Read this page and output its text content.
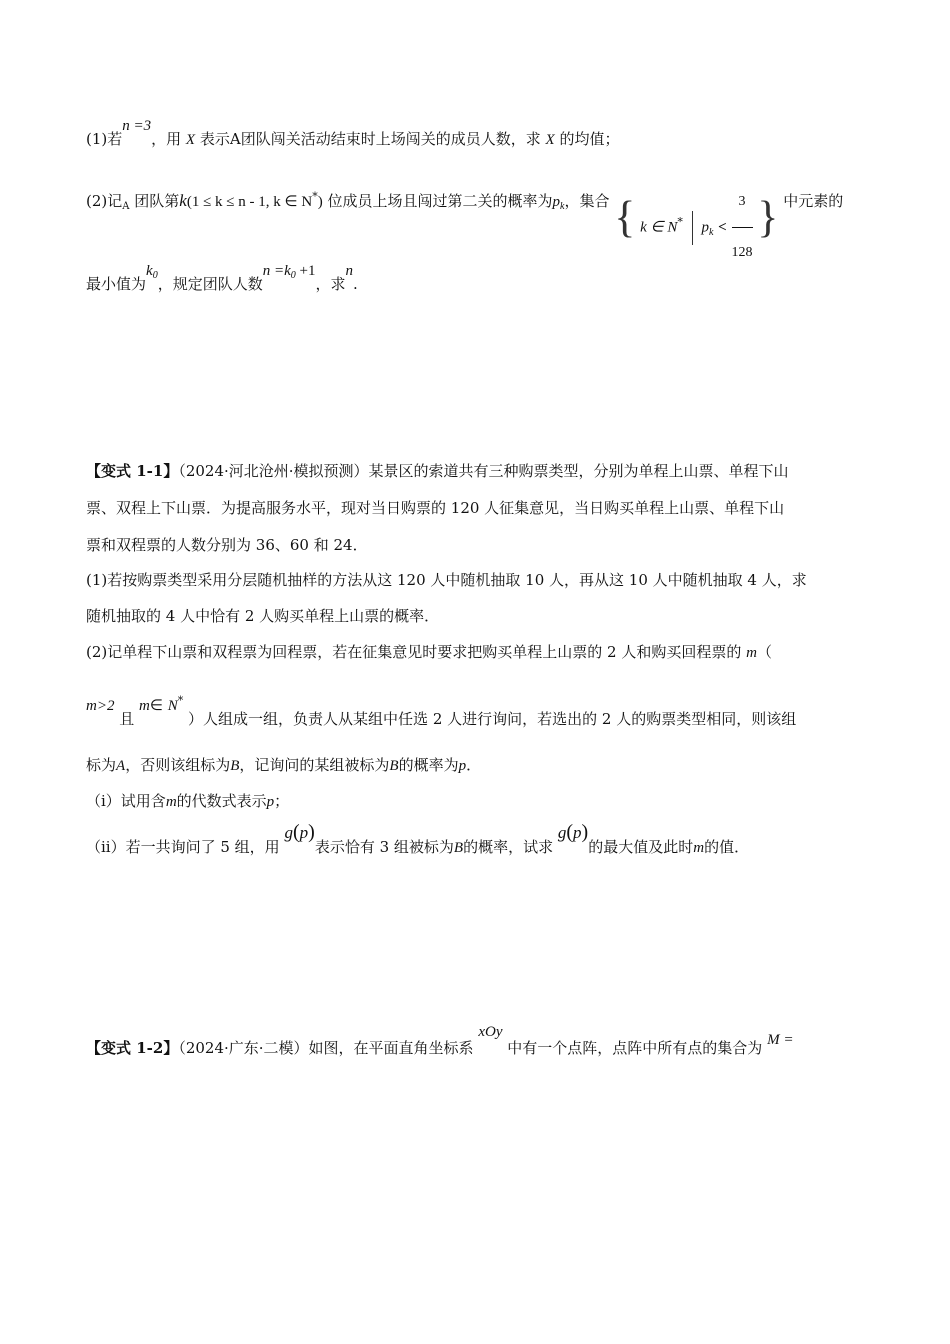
(1)若n =3，用 X 表示A团队闯关活动结束时上场闯关的成员人数，求 X 的均值；
(2)记$_A$ 团队第k(1 ≤ k ≤ n - 1, k ∈ N*) 位成员上场且闯过第二关的概率为$p_k$，集合 { k ∈ N* $p_k < \frac{3}{128}$ } 中元素的
最小值为$k_0$，规定团队人数$n =k_0 +1$，求n.
【变式 1-1】（2024·河北沧州·模拟预测）某景区的索道共有三种购票类型，分别为单程上山票、单程下山
票、双程上下山票．为提高服务水平，现对当日购票的 120 人征集意见，当日购买单程上山票、单程下山
票和双程票的人数分别为 36、60 和 24．
(1)若按购票类型采用分层随机抽样的方法从这 120 人中随机抽取 10 人，再从这 10 人中随机抽取 4 人，求
随机抽取的 4 人中恰有 2 人购买单程上山票的概率．
(2)记单程下山票和双程票为回程票，若在征集意见时要求把购买单程上山票的 2 人和购买回程票的 m（
m>2 且 m∈ N* ）人组成一组，负责人从某组中任选 2 人进行询问，若选出的 2 人的购票类型相同，则该组
标为A，否则该组标为B，记询问的某组被标为B的概率为p．
（i）试用含m的代数式表示p；
（ii）若一共询问了 5 组，用 g(p)表示恰有 3 组被标为B的概率，试求 g(p)的最大值及此时m的值．
【变式 1-2】（2024·广东·二模）如图，在平面直角坐标系 xOy 中有一个点阵，点阵中所有点的集合为 M =
